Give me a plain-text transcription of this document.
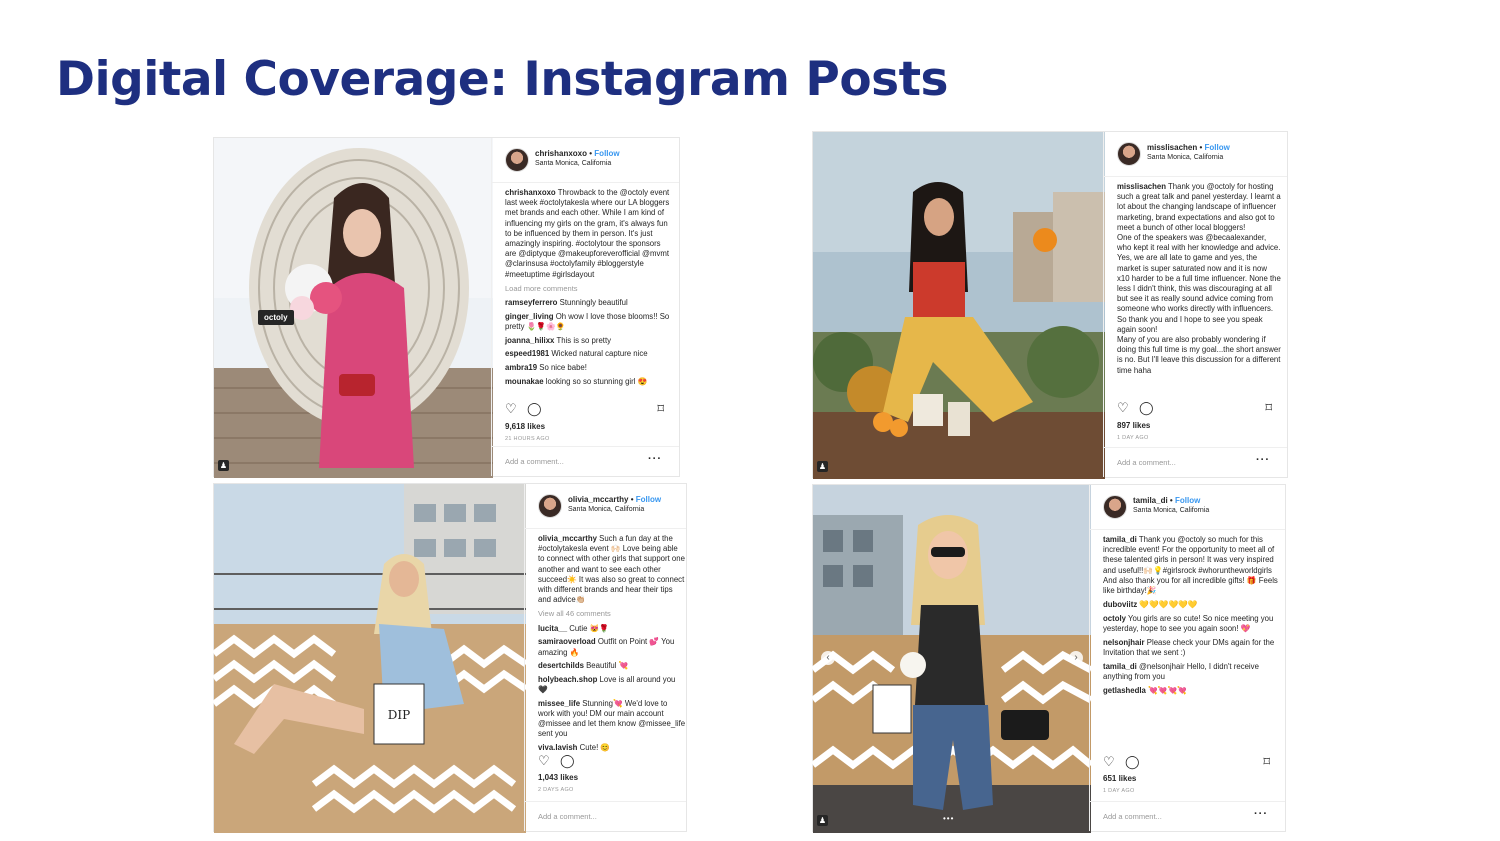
Digital Coverage: Instagram Posts
octoly
♟
chrishanxoxo • Follow
Santa Monica, California

chrishanxoxo Throwback to the @octoly event last week #octolytakesla where our LA bloggers met brands and each other. While I am kind of influencing my girls on the gram, it's always fun to be influenced by them in person. It's just amazingly inspiring. #octolytour the sponsors are @diptyque @makeupforeverofficial @mvmt @clarinsusa #octolyfamily #bloggerstyle #meetuptime #girlsdayout

Load more comments
ramseyferrero Stunningly beautiful
ginger_living Oh wow I love those blooms!! So pretty 🌷🌹🌸🌻
joanna_hilixx This is so pretty
espeed1981 Wicked natural capture nice
ambra19 So nice babe!
mounakae looking so so stunning girl 😍
♡ ◯	⌑
9,618 likes
21 HOURS AGO
Add a comment...	···
♟
misslisachen • Follow
Santa Monica, California

misslisachen Thank you @octoly for hosting such a great talk and panel yesterday. I learnt a lot about the changing landscape of influencer marketing, brand expectations and also got to meet a bunch of other local bloggers!
One of the speakers was @becaalexander, who kept it real with her knowledge and advice. Yes, we are all late to game and yes, the market is super saturated now and it is now x10 harder to be a full time influencer. None the less I didn't think, this was discouraging at all but see it as really sound advice coming from someone who works directly with influencers. So thank you and I hope to see you speak again soon!
Many of you are also probably wondering if doing this full time is my goal...the short answer is no. But I'll leave this discussion for a different time haha

♡ ◯	⌑
897 likes
1 DAY AGO
Add a comment...	···
DIP
olivia_mccarthy • Follow
Santa Monica, California

olivia_mccarthy Such a fun day at the #octolytakesla event 🙌🏻 Love being able to connect with other girls that support one another and want to see each other succeed☀️ It was also so great to connect with different brands and hear their tips and advice👏🏼

View all 46 comments
lucita__ Cutie 😻🌹
samiraoverload Outfit on Point 💕 You amazing 🔥
desertchilds Beautiful 💘
holybeach.shop Love is all around you 🖤
missee_life Stunning💘 We'd love to work with you! DM our main account @missee and let them know @missee_life sent you
viva.lavish Cute! 😊
♡ ◯
1,043 likes
2 DAYS AGO
Add a comment...
‹	›
•••
♟
tamila_di • Follow
Santa Monica, California

tamila_di Thank you @octoly so much for this incredible event! For the opportunity to meet all of these talented girls in person! It was very inspired and useful!!🙌🏻💡#girlsrock #whoruntheworldgirls
And also thank you for all incredible gifts! 🎁 Feels like birthday!🎉

duboviitz 💛💛💛💛💛💛
octoly You girls are so cute! So nice meeting you yesterday, hope to see you again soon! 💖
nelsonjhair Please check your DMs again for the Invitation that we sent :)
tamila_di @nelsonjhair Hello, I didn't receive anything from you
getlashedla 💘💘💘💘
♡ ◯	⌑
651 likes
1 DAY AGO
Add a comment...	···
